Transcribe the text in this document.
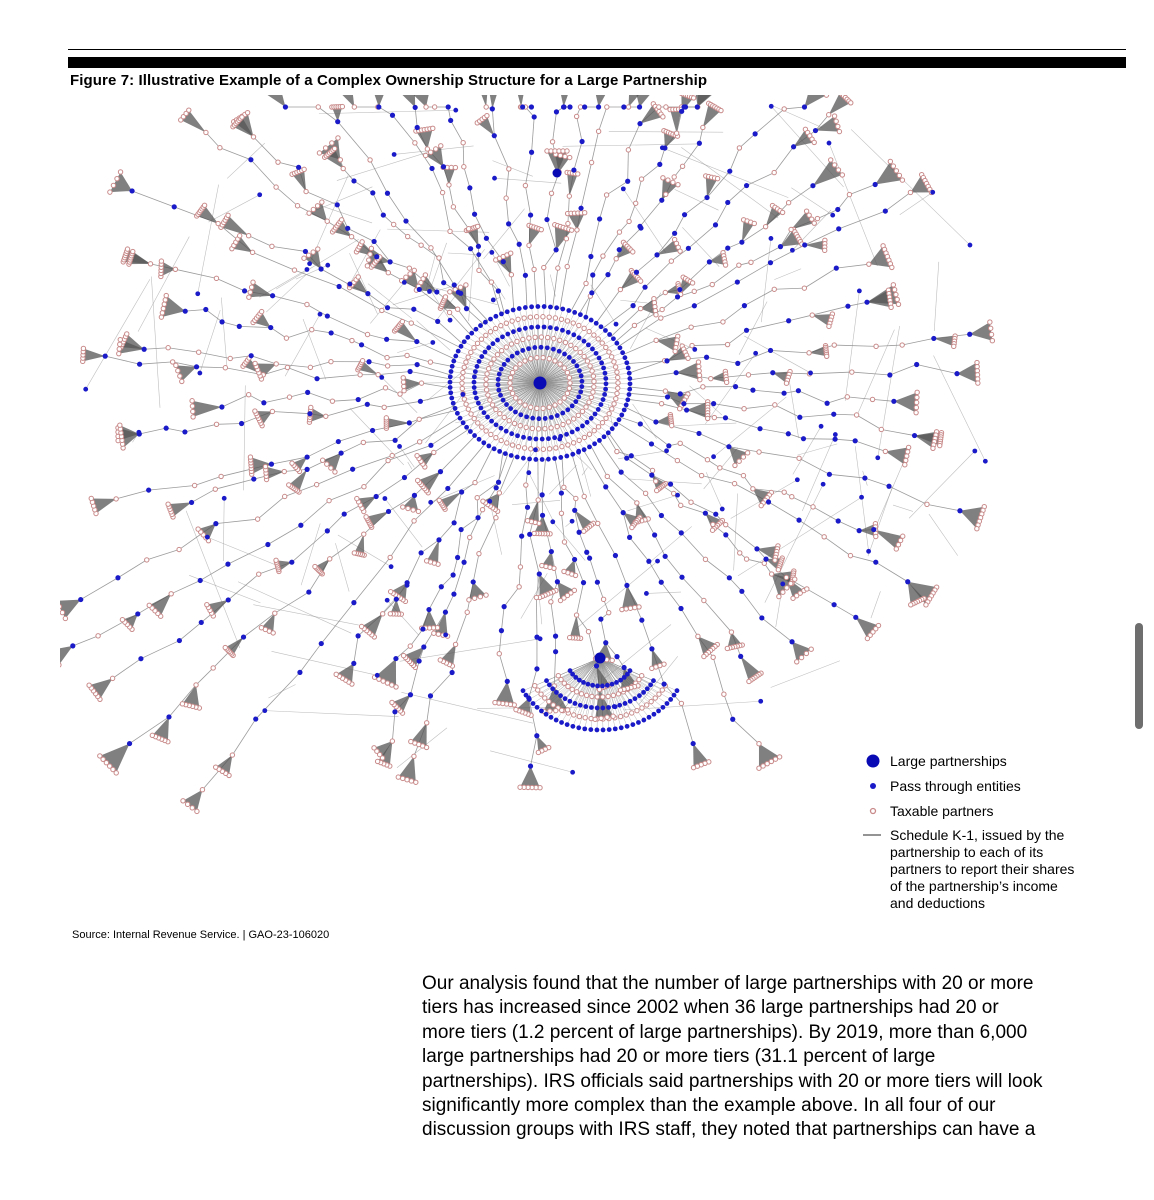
Figure 7: Illustrative Example of a Complex Ownership Structure for a Large Partnership
Large partnerships
Pass through entities
Taxable partners
Schedule K-1, issued by the
partnership to each of its
partners to report their shares
of the partnership’s income
and deductions
Source: Internal Revenue Service. | GAO-23-106020
Our analysis found that the number of large partnerships with 20 or more
tiers has increased since 2002 when 36 large partnerships had 20 or
more tiers (1.2 percent of large partnerships). By 2019, more than 6,000
large partnerships had 20 or more tiers (31.1 percent of large
partnerships). IRS officials said partnerships with 20 or more tiers will look
significantly more complex than the example above. In all four of our
discussion groups with IRS staff, they noted that partnerships can have a
